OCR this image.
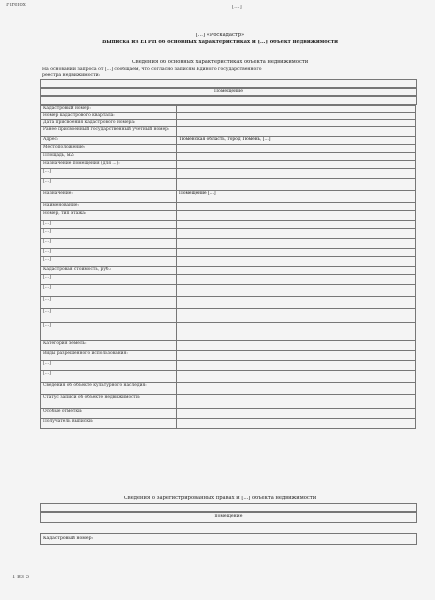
Firefox	[…]
[…] «Роскадастр»
Выписка из ЕГРН об основных характеристиках и [...] объект недвижимости
Сведения об основных характеристиках объекта недвижимости
На основании запроса от [...] сообщаем, что согласно записям Единого государственного
реестра недвижимости:
Помещение
Кадастровый номер:	
Номер кадастрового квартала:	
Дата присвоения кадастрового номера:	
Ранее присвоенный государственный учетный номер:	
Адрес:	Тюменская область, город Тюмень, [...]
Местоположение:	
Площадь, м2:	
Назначение помещения (для ...):	
[…]	
[…]	
Назначение:	Помещение [...]
Наименование:	
Номер, тип этажа:	
[…]	
[…]	
[…]	
[…]	
[…]	
Кадастровая стоимость, руб.:	
[…]	
[…]	
[…]	
[…]	
[…]	
Категория земель:	
Виды разрешенного использования:	
[…]	
[…]	
Сведения об объекте культурного наследия:	
Статус записи об объекте недвижимости:	
Особые отметки:	
Получатель выписки:	
Сведения о зарегистрированных правах и [...] объекта недвижимости
помещение
Кадастровый номер:
1 из 5
